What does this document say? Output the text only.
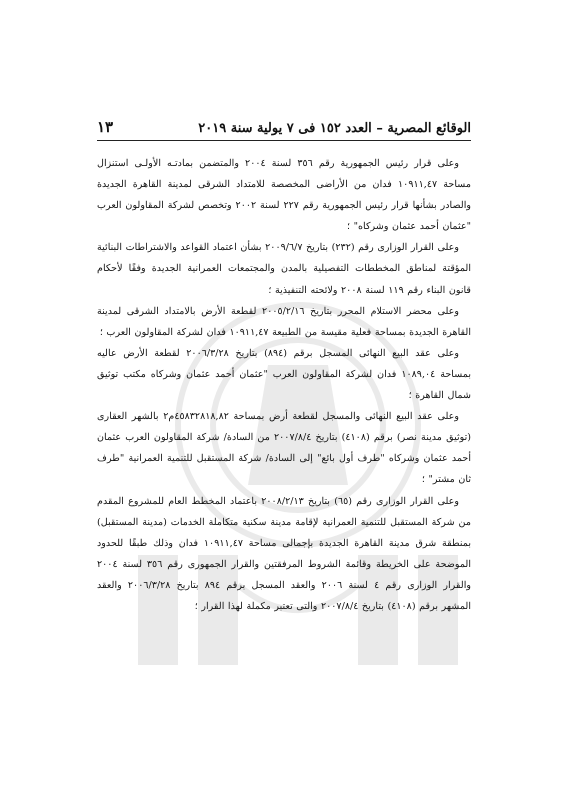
الوقائع المصرية – العدد ١٥٢ فى ٧ يولية سنة ٢٠١٩
١٣

وعلى قرار رئيس الجمهورية رقم ٣٥٦ لسنة ٢٠٠٤ والمتضمن بمادتـه الأولـى استنزال مساحة ١٠٩١١,٤٧ فدان من الأراضى المخصصة للامتداد الشرقى لمدينة القاهرة الجديدة والصادر بشأنها قرار رئيس الجمهورية رقم ٢٢٧ لسنة ٢٠٠٢ وتخصص لشركة المقاولون العرب "عثمان أحمد عثمان وشركاه" ؛

وعلى القرار الوزارى رقم (٢٣٢) بتاريخ ٢٠٠٩/٦/٧ بشأن اعتماد القواعد والاشتراطات البنائية المؤقتة لمناطق المخططات التفصيلية بالمدن والمجتمعات العمرانية الجديدة وفقًا لأحكام قانون البناء رقم ١١٩ لسنة ٢٠٠٨ ولائحته التنفيذية ؛

وعلى محضر الاستلام المحرر بتاريخ ٢٠٠٥/٢/١٦ لقطعة الأرض بالامتداد الشرقى لمدينة القاهرة الجديدة بمساحة فعلية مقيسة من الطبيعة ١٠٩١١,٤٧ فدان لشركة المقاولون العرب ؛

وعلى عقد البيع النهائى المسجل برقم (٨٩٤) بتاريخ ٢٠٠٦/٣/٢٨ لقطعة الأرض عاليه بمساحة ١٠٨٩,٠٤ فدان لشركة المقاولون العرب "عثمان أحمد عثمان وشركاه مكتب توثيق شمال القاهرة ؛

وعلى عقد البيع النهائى والمسجل لقطعة أرض بمساحة ٤٥٨٣٢٨١٨,٨٢م٢ بالشهر العقارى (توثيق مدينة نصر) برقم (٤١٠٨) بتاريخ ٢٠٠٧/٨/٤ من السادة/ شركة المقاولون العرب عثمان أحمد عثمان وشركاه "طرف أول بائع" إلى السادة/ شركة المستقبل للتنمية العمرانية "طرف ثان مشتر" ؛

وعلى القرار الوزارى رقم (٦٥) بتاريخ ٢٠٠٨/٢/١٣ باعتماد المخطط العام للمشروع المقدم من شركة المستقبل للتنمية العمرانية لإقامة مدينة سكنية متكاملة الخدمات (مدينة المستقبل) بمنطقة شرق مدينة القاهرة الجديدة بإجمالى مساحة ١٠٩١١,٤٧ فدان وذلك طبقًا للحدود الموضحة على الخريطة وقائمة الشروط المرفقتين والقرار الجمهورى رقم ٣٥٦ لسنة ٢٠٠٤ والقرار الوزارى رقم ٤ لسنة ٢٠٠٦ والعقد المسجل برقم ٨٩٤ بتاريخ ٢٠٠٦/٣/٢٨ والعقد المشهر برقم (٤١٠٨) بتاريخ ٢٠٠٧/٨/٤ والتى تعتبر مكملة لهذا القرار ؛
